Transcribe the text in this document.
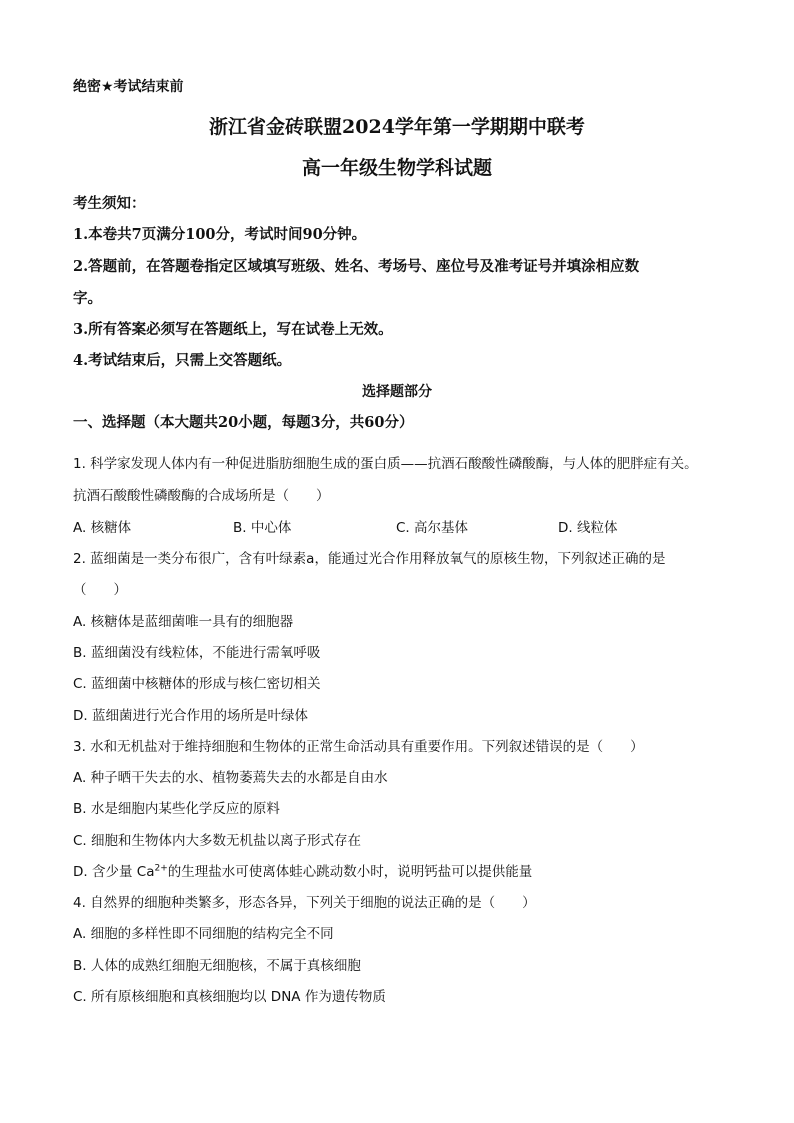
绝密★考试结束前
浙江省金砖联盟2024学年第一学期期中联考
高一年级生物学科试题
考生须知：
1.本卷共7页满分100分，考试时间90分钟。
2.答题前，在答题卷指定区域填写班级、姓名、考场号、座位号及准考证号并填涂相应数
字。
3.所有答案必须写在答题纸上，写在试卷上无效。
4.考试结束后，只需上交答题纸。
选择题部分
一、选择题（本大题共20小题，每题3分，共60分）
1. 科学家发现人体内有一种促进脂肪细胞生成的蛋白质——抗酒石酸酸性磷酸酶，与人体的肥胖症有关。
抗酒石酸酸性磷酸酶的合成场所是（　　）
A. 核糖体	B. 中心体	C. 高尔基体	D. 线粒体
2. 蓝细菌是一类分布很广，含有叶绿素a，能通过光合作用释放氧气的原核生物，下列叙述正确的是
（　　）
A. 核糖体是蓝细菌唯一具有的细胞器
B. 蓝细菌没有线粒体，不能进行需氧呼吸
C. 蓝细菌中核糖体的形成与核仁密切相关
D. 蓝细菌进行光合作用的场所是叶绿体
3. 水和无机盐对于维持细胞和生物体的正常生命活动具有重要作用。下列叙述错误的是（　　）
A. 种子晒干失去的水、植物萎蔫失去的水都是自由水
B. 水是细胞内某些化学反应的原料
C. 细胞和生物体内大多数无机盐以离子形式存在
D. 含少量 $Ca^{2+}$的生理盐水可使离体蛙心跳动数小时，说明钙盐可以提供能量
4. 自然界的细胞种类繁多，形态各异，下列关于细胞的说法正确的是（　　）
A. 细胞的多样性即不同细胞的结构完全不同
B. 人体的成熟红细胞无细胞核，不属于真核细胞
C. 所有原核细胞和真核细胞均以 DNA 作为遗传物质
